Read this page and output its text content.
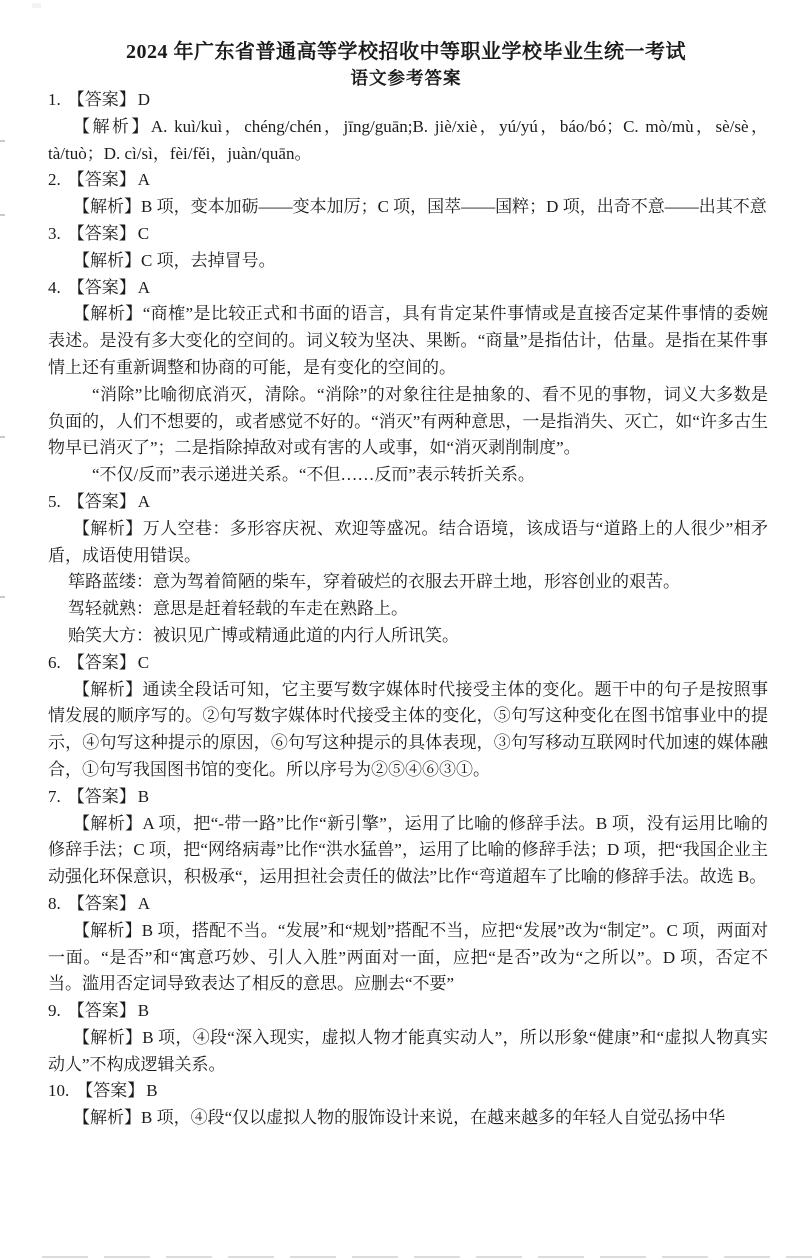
2024 年广东省普通高等学校招收中等职业学校毕业生统一考试
语文参考答案
1. 【答案】 D

【解析】A. kuì/kuì，chéng/chén，jīng/guān;B. jiè/xiè，yú/yú，báo/bó；C. mò/mù，sè/sè，tà/tuò；D. cì/sì，fèi/fěi，juàn/quān。

2. 【答案】 A

【解析】B 项，变本加砺——变本加厉；C 项，国萃——国粹；D 项，出奇不意——出其不意

3. 【答案】 C

【解析】C 项，去掉冒号。

4. 【答案】 A

【解析】“商榷”是比较正式和书面的语言，具有肯定某件事情或是直接否定某件事情的委婉表述。是没有多大变化的空间的。词义较为坚决、果断。“商量”是指估计，估量。是指在某件事情上还有重新调整和协商的可能，是有变化的空间的。

“消除”比喻彻底消灭，清除。“消除”的对象往往是抽象的、看不见的事物，词义大多数是负面的，人们不想要的，或者感觉不好的。“消灭”有两种意思，一是指消失、灭亡，如“许多古生物早已消灭了”；二是指除掉敌对或有害的人或事，如“消灭剥削制度”。

“不仅/反而”表示递进关系。“不但……反而”表示转折关系。

5. 【答案】 A

【解析】万人空巷：多形容庆祝、欢迎等盛况。结合语境，该成语与“道路上的人很少”相矛盾，成语使用错误。

筚路蓝缕：意为驾着简陋的柴车，穿着破烂的衣服去开辟土地，形容创业的艰苦。

驾轻就熟：意思是赶着轻载的车走在熟路上。

贻笑大方：被识见广博或精通此道的内行人所讯笑。

6. 【答案】 C

【解析】通读全段话可知，它主要写数字媒体时代接受主体的变化。题干中的句子是按照事情发展的顺序写的。②句写数字媒体时代接受主体的变化，⑤句写这种变化在图书馆事业中的提示，④句写这种提示的原因，⑥句写这种提示的具体表现，③句写移动互联网时代加速的媒体融合，①句写我国图书馆的变化。所以序号为②⑤④⑥③①。

7. 【答案】 B

【解析】A 项，把“-带一路”比作“新引擎”，运用了比喻的修辞手法。B 项，没有运用比喻的修辞手法；C 项，把“网络病毒”比作“洪水猛兽”，运用了比喻的修辞手法；D 项，把“我国企业主动强化环保意识，积极承“，运用担社会责任的做法”比作“弯道超车了比喻的修辞手法。故选 B。

8. 【答案】 A

【解析】B 项，搭配不当。“发展”和“规划”搭配不当，应把“发展”改为“制定”。C 项，两面对一面。“是否”和“寓意巧妙、引人入胜”两面对一面，应把“是否”改为“之所以”。D 项，否定不当。滥用否定词导致表达了相反的意思。应删去“不要”

9. 【答案】 B

【解析】B 项，④段“深入现实，虚拟人物才能真实动人”，所以形象“健康”和“虚拟人物真实动人”不构成逻辑关系。

10. 【答案】 B

【解析】B 项，④段“仅以虚拟人物的服饰设计来说，在越来越多的年轻人自觉弘扬中华
